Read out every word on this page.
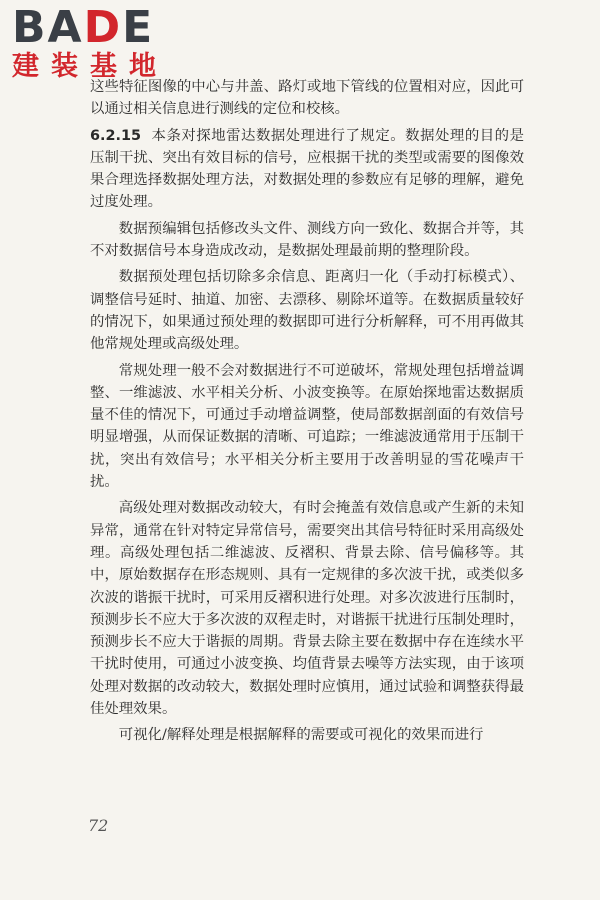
BADE
建装基地

这些特征图像的中心与井盖、路灯或地下管线的位置相对应，因此可以通过相关信息进行测线的定位和校核。

6.2.15 本条对探地雷达数据处理进行了规定。数据处理的目的是压制干扰、突出有效目标的信号，应根据干扰的类型或需要的图像效果合理选择数据处理方法，对数据处理的参数应有足够的理解，避免过度处理。

数据预编辑包括修改头文件、测线方向一致化、数据合并等，其不对数据信号本身造成改动，是数据处理最前期的整理阶段。

数据预处理包括切除多余信息、距离归一化（手动打标模式）、调整信号延时、抽道、加密、去漂移、剔除坏道等。在数据质量较好的情况下，如果通过预处理的数据即可进行分析解释，可不用再做其他常规处理或高级处理。

常规处理一般不会对数据进行不可逆破坏，常规处理包括增益调整、一维滤波、水平相关分析、小波变换等。在原始探地雷达数据质量不佳的情况下，可通过手动增益调整，使局部数据剖面的有效信号明显增强，从而保证数据的清晰、可追踪；一维滤波通常用于压制干扰，突出有效信号；水平相关分析主要用于改善明显的雪花噪声干扰。

高级处理对数据改动较大，有时会掩盖有效信息或产生新的未知异常，通常在针对特定异常信号，需要突出其信号特征时采用高级处理。高级处理包括二维滤波、反褶积、背景去除、信号偏移等。其中，原始数据存在形态规则、具有一定规律的多次波干扰，或类似多次波的谐振干扰时，可采用反褶积进行处理。对多次波进行压制时，预测步长不应大于多次波的双程走时，对谐振干扰进行压制处理时，预测步长不应大于谐振的周期。背景去除主要在数据中存在连续水平干扰时使用，可通过小波变换、均值背景去噪等方法实现，由于该项处理对数据的改动较大，数据处理时应慎用，通过试验和调整获得最佳处理效果。

可视化/解释处理是根据解释的需要或可视化的效果而进行

72
